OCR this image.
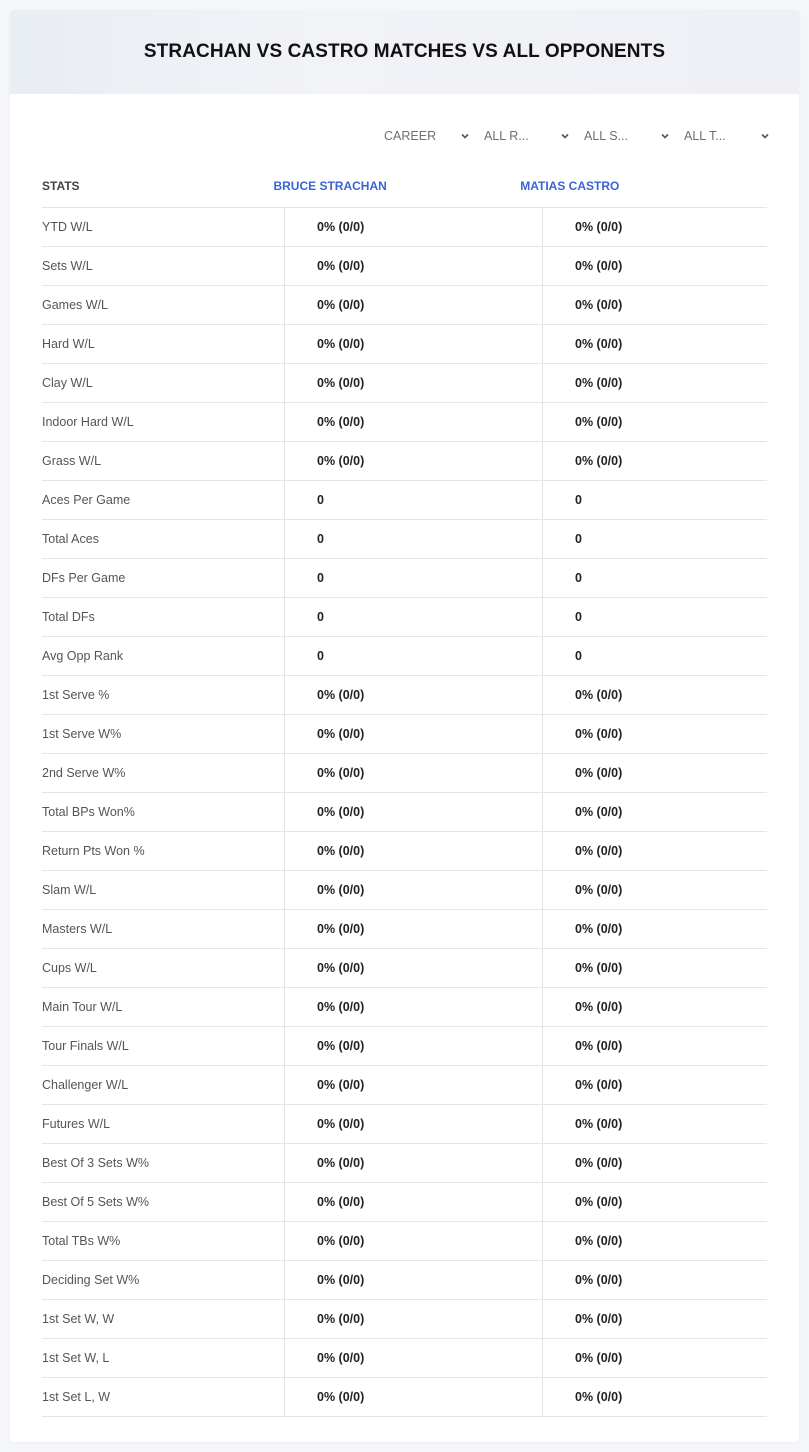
STRACHAN VS CASTRO MATCHES VS ALL OPPONENTS
CAREER	ALL R...	ALL S...	ALL T...
STATS	BRUCE STRACHAN	MATIAS CASTRO
YTD W/L	0% (0/0)	0% (0/0)
Sets W/L	0% (0/0)	0% (0/0)
Games W/L	0% (0/0)	0% (0/0)
Hard W/L	0% (0/0)	0% (0/0)
Clay W/L	0% (0/0)	0% (0/0)
Indoor Hard W/L	0% (0/0)	0% (0/0)
Grass W/L	0% (0/0)	0% (0/0)
Aces Per Game	0	0
Total Aces	0	0
DFs Per Game	0	0
Total DFs	0	0
Avg Opp Rank	0	0
1st Serve %	0% (0/0)	0% (0/0)
1st Serve W%	0% (0/0)	0% (0/0)
2nd Serve W%	0% (0/0)	0% (0/0)
Total BPs Won%	0% (0/0)	0% (0/0)
Return Pts Won %	0% (0/0)	0% (0/0)
Slam W/L	0% (0/0)	0% (0/0)
Masters W/L	0% (0/0)	0% (0/0)
Cups W/L	0% (0/0)	0% (0/0)
Main Tour W/L	0% (0/0)	0% (0/0)
Tour Finals W/L	0% (0/0)	0% (0/0)
Challenger W/L	0% (0/0)	0% (0/0)
Futures W/L	0% (0/0)	0% (0/0)
Best Of 3 Sets W%	0% (0/0)	0% (0/0)
Best Of 5 Sets W%	0% (0/0)	0% (0/0)
Total TBs W%	0% (0/0)	0% (0/0)
Deciding Set W%	0% (0/0)	0% (0/0)
1st Set W, W	0% (0/0)	0% (0/0)
1st Set W, L	0% (0/0)	0% (0/0)
1st Set L, W	0% (0/0)	0% (0/0)
